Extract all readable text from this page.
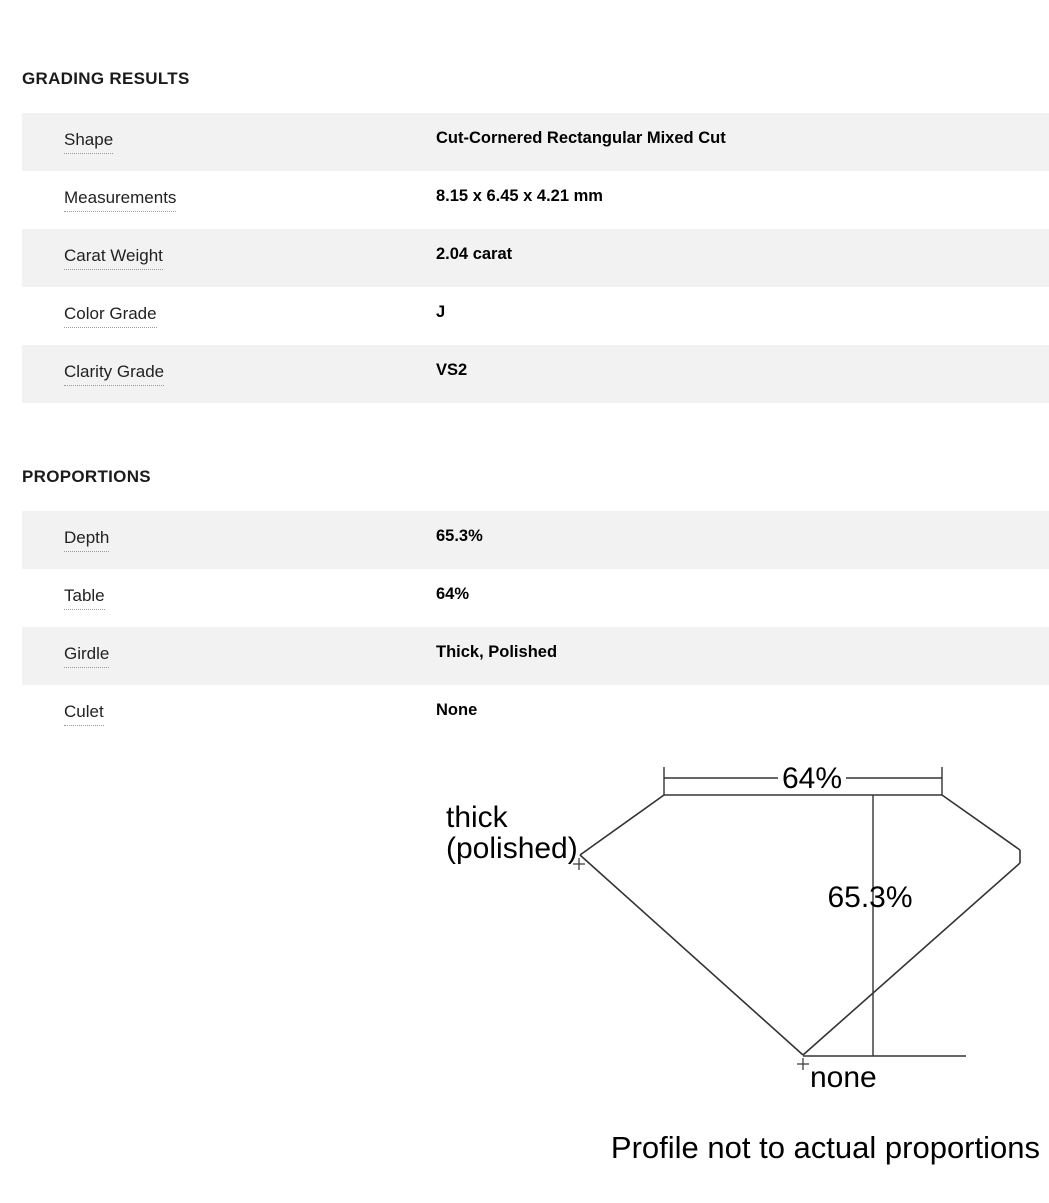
GRADING RESULTS
Shape	Cut-Cornered Rectangular Mixed Cut
Measurements	8.15 x 6.45 x 4.21 mm
Carat Weight	2.04 carat
Color Grade	J
Clarity Grade	VS2
PROPORTIONS
Depth	65.3%
Table	64%
Girdle	Thick, Polished
Culet	None
64%
thick
(polished)
65.3%
none
Profile not to actual proportions
